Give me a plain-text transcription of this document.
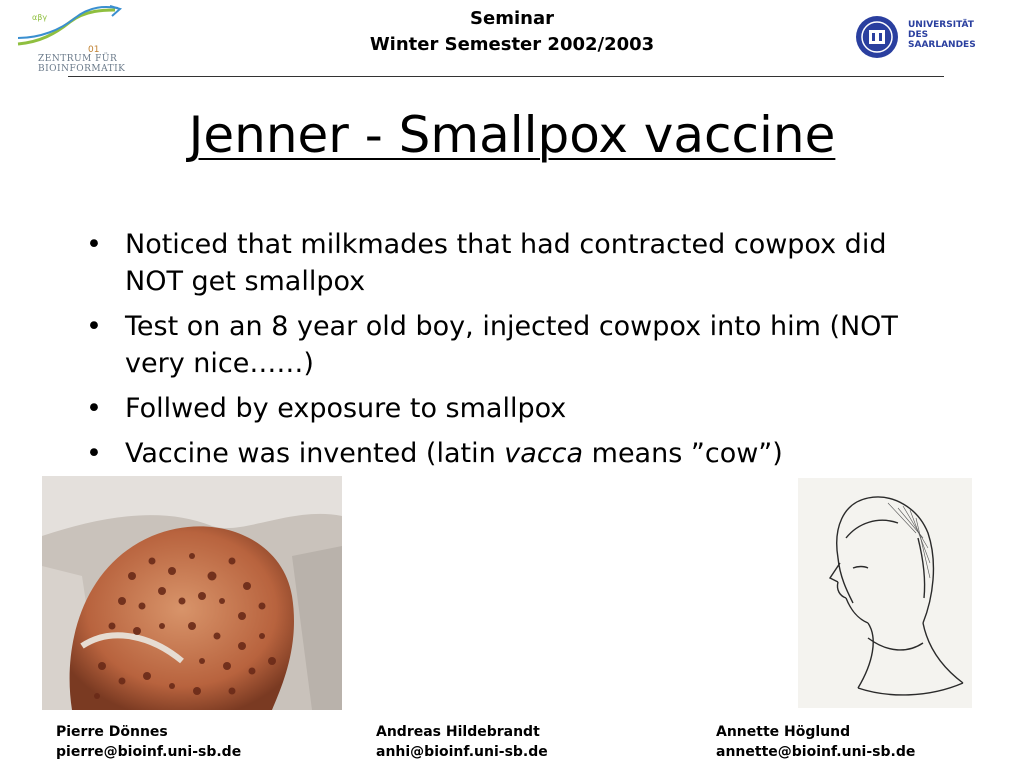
Seminar
Winter Semester 2002/2003
αβγ
01
ZENTRUM FÜR
BIOINFORMATIK
UNIVERSITÄT
DES
SAARLANDES
Jenner - Smallpox vaccine
• Noticed that milkmades that had contracted cowpox did NOT get smallpox
• Test on an 8 year old boy, injected cowpox into him (NOT very nice……)
• Follwed by exposure to smallpox
• Vaccine was invented (latin vacca means ”cow”)
Pierre Dönnes
pierre@bioinf.uni-sb.de
Andreas Hildebrandt
anhi@bioinf.uni-sb.de
Annette Höglund
annette@bioinf.uni-sb.de
